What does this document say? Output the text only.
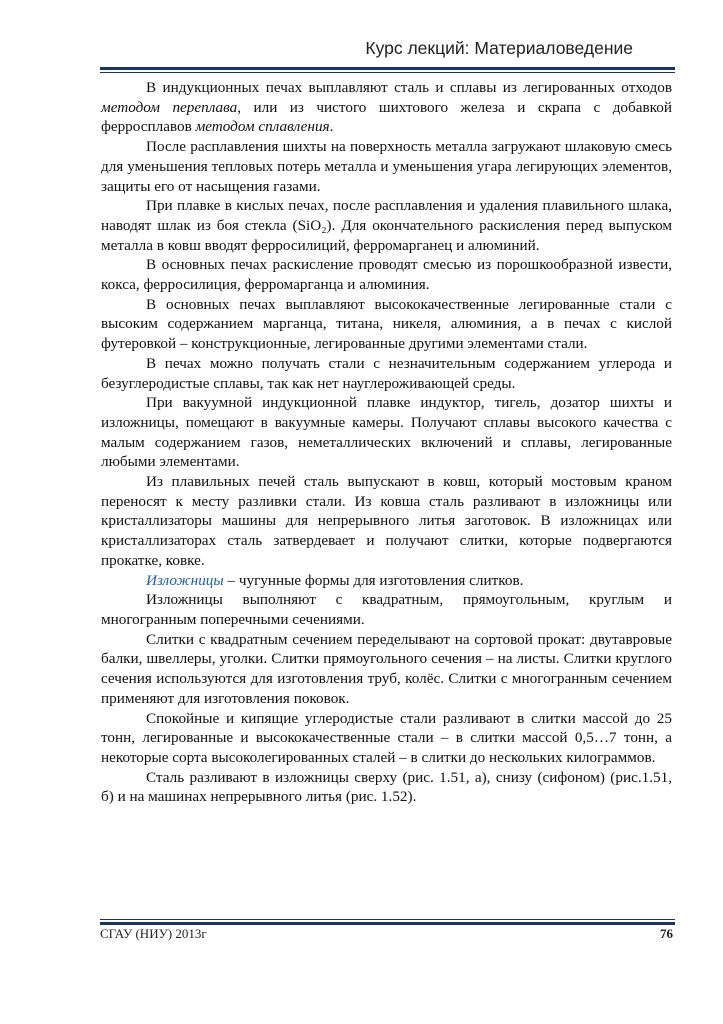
Курс лекций: Материаловедение

В индукционных печах выплавляют сталь и сплавы из легированных отходов методом переплава, или из чистого шихтового железа и скрапа с добавкой ферросплавов методом сплавления.

После расплавления шихты на поверхность металла загружают шлаковую смесь для уменьшения тепловых потерь металла и уменьшения угара легирующих элементов, защиты его от насыщения газами.

При плавке в кислых печах, после расплавления и удаления плавильного шлака, наводят шлак из боя стекла (SiO₂). Для окончательного раскисления перед выпуском металла в ковш вводят ферросилиций, ферромарганец и алюминий.

В основных печах раскисление проводят смесью из порошкообразной извести, кокса, ферросилиция, ферромарганца и алюминия.

В основных печах выплавляют высококачественные легированные стали с высоким содержанием марганца, титана, никеля, алюминия, а в печах с кислой футеровкой – конструкционные, легированные другими элементами стали.

В печах можно получать стали с незначительным содержанием углерода и безуглеродистые сплавы, так как нет науглероживающей среды.

При вакуумной индукционной плавке индуктор, тигель, дозатор шихты и изложницы, помещают в вакуумные камеры. Получают сплавы высокого качества с малым содержанием газов, неметаллических включений и сплавы, легированные любыми элементами.

Из плавильных печей сталь выпускают в ковш, который мостовым краном переносят к месту разливки стали. Из ковша сталь разливают в изложницы или кристаллизаторы машины для непрерывного литья заготовок. В изложницах или кристаллизаторах сталь затвердевает и получают слитки, которые подвергаются прокатке, ковке.

Изложницы – чугунные формы для изготовления слитков.

Изложницы выполняют с квадратным, прямоугольным, круглым и многогранным поперечными сечениями.

Слитки с квадратным сечением переделывают на сортовой прокат: двутавровые балки, швеллеры, уголки. Слитки прямоугольного сечения – на листы. Слитки круглого сечения используются для изготовления труб, колёс. Слитки с многогранным сечением применяют для изготовления поковок.

Спокойные и кипящие углеродистые стали разливают в слитки массой до 25 тонн, легированные и высококачественные стали – в слитки массой 0,5…7 тонн, а некоторые сорта высоколегированных сталей – в слитки до нескольких килограммов.

Сталь разливают в изложницы сверху (рис. 1.51, а), снизу (сифоном) (рис.1.51, б) и на машинах непрерывного литья (рис. 1.52).

СГАУ (НИУ) 2013г	76
